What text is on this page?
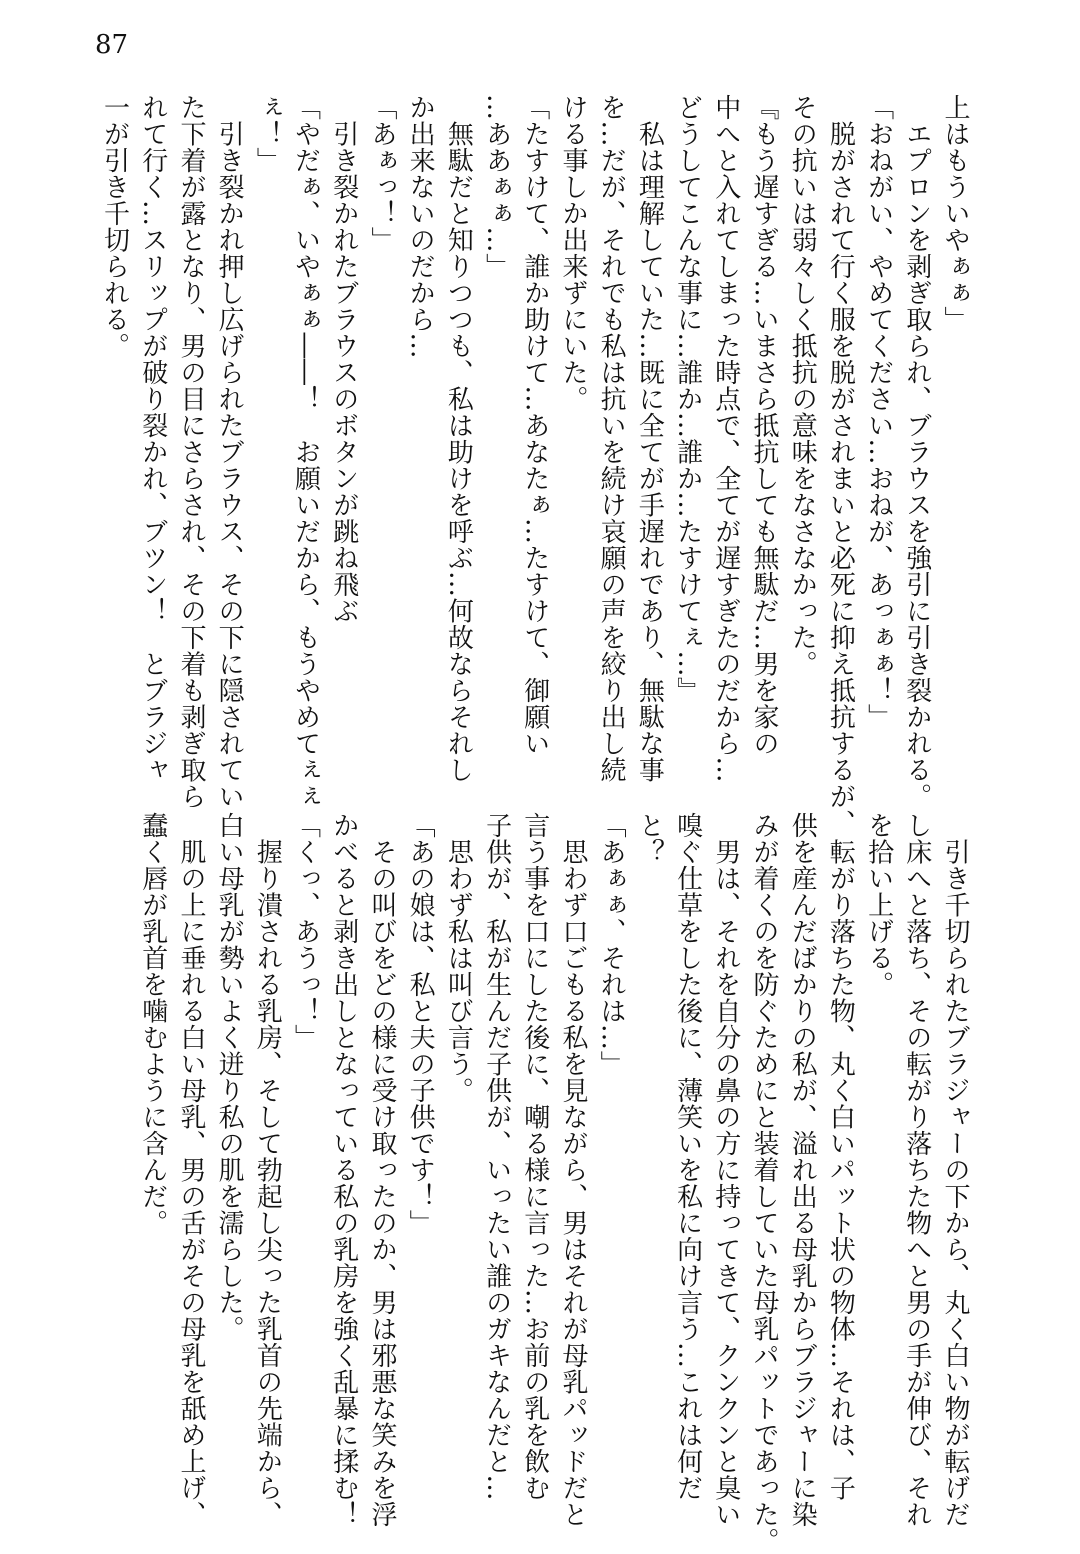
87
上はもういやぁぁ」
　エプロンを剥ぎ取られ、ブラウスを強引に引き裂かれる。
「おねがい、やめてください…おねが、あっぁぁ！」
　脱がされて行く服を脱がされまいと必死に抑え抵抗するが、
その抗いは弱々しく抵抗の意味をなさなかった。
『もう遅すぎる…いまさら抵抗しても無駄だ…男を家の
中へと入れてしまった時点で、全てが遅すぎたのだから…
どうしてこんな事に…誰か…誰か…たすけてぇ…』
　私は理解していた…既に全てが手遅れであり、無駄な事
を…だが、それでも私は抗いを続け哀願の声を絞り出し続
ける事しか出来ずにいた。
「たすけて、誰か助けて…あなたぁ…たすけて、御願い
…ああぁぁ…」
　無駄だと知りつつも、私は助けを呼ぶ…何故ならそれし
か出来ないのだから…
「あぁっ！」
　引き裂かれたブラウスのボタンが跳ね飛ぶ
「やだぁ、いやぁぁ――！　お願いだから、もうやめてぇぇ
ぇ！」
　引き裂かれ押し広げられたブラウス、その下に隠されてい
た下着が露となり、男の目にさらされ、その下着も剥ぎ取ら
れて行く…スリップが破り裂かれ、ブツン！　とブラジャ
一が引き千切られる。
　引き千切られたブラジャーの下から、丸く白い物が転げだ
し床へと落ち、その転がり落ちた物へと男の手が伸び、それ
を拾い上げる。
　転がり落ちた物、丸く白いパット状の物体…それは、子
供を産んだばかりの私が、溢れ出る母乳からブラジャーに染
みが着くのを防ぐためにと装着していた母乳パットであった。
　男は、それを自分の鼻の方に持ってきて、クンクンと臭い
嗅ぐ仕草をした後に、薄笑いを私に向け言う…これは何だ
と？
「あぁぁ、それは…」
　思わず口ごもる私を見ながら、男はそれが母乳パッドだと
言う事を口にした後に、嘲る様に言った…お前の乳を飲む
子供が、私が生んだ子供が、いったい誰のガキなんだと…
　思わず私は叫び言う。
「あの娘は、私と夫の子供です！」
　その叫びをどの様に受け取ったのか、男は邪悪な笑みを浮
かべると剥き出しとなっている私の乳房を強く乱暴に揉む！
「くっ、あうっ！」
　握り潰される乳房、そして勃起し尖った乳首の先端から、
白い母乳が勢いよく迸り私の肌を濡らした。
　肌の上に垂れる白い母乳、男の舌がその母乳を舐め上げ、
蠢く唇が乳首を噛むように含んだ。
